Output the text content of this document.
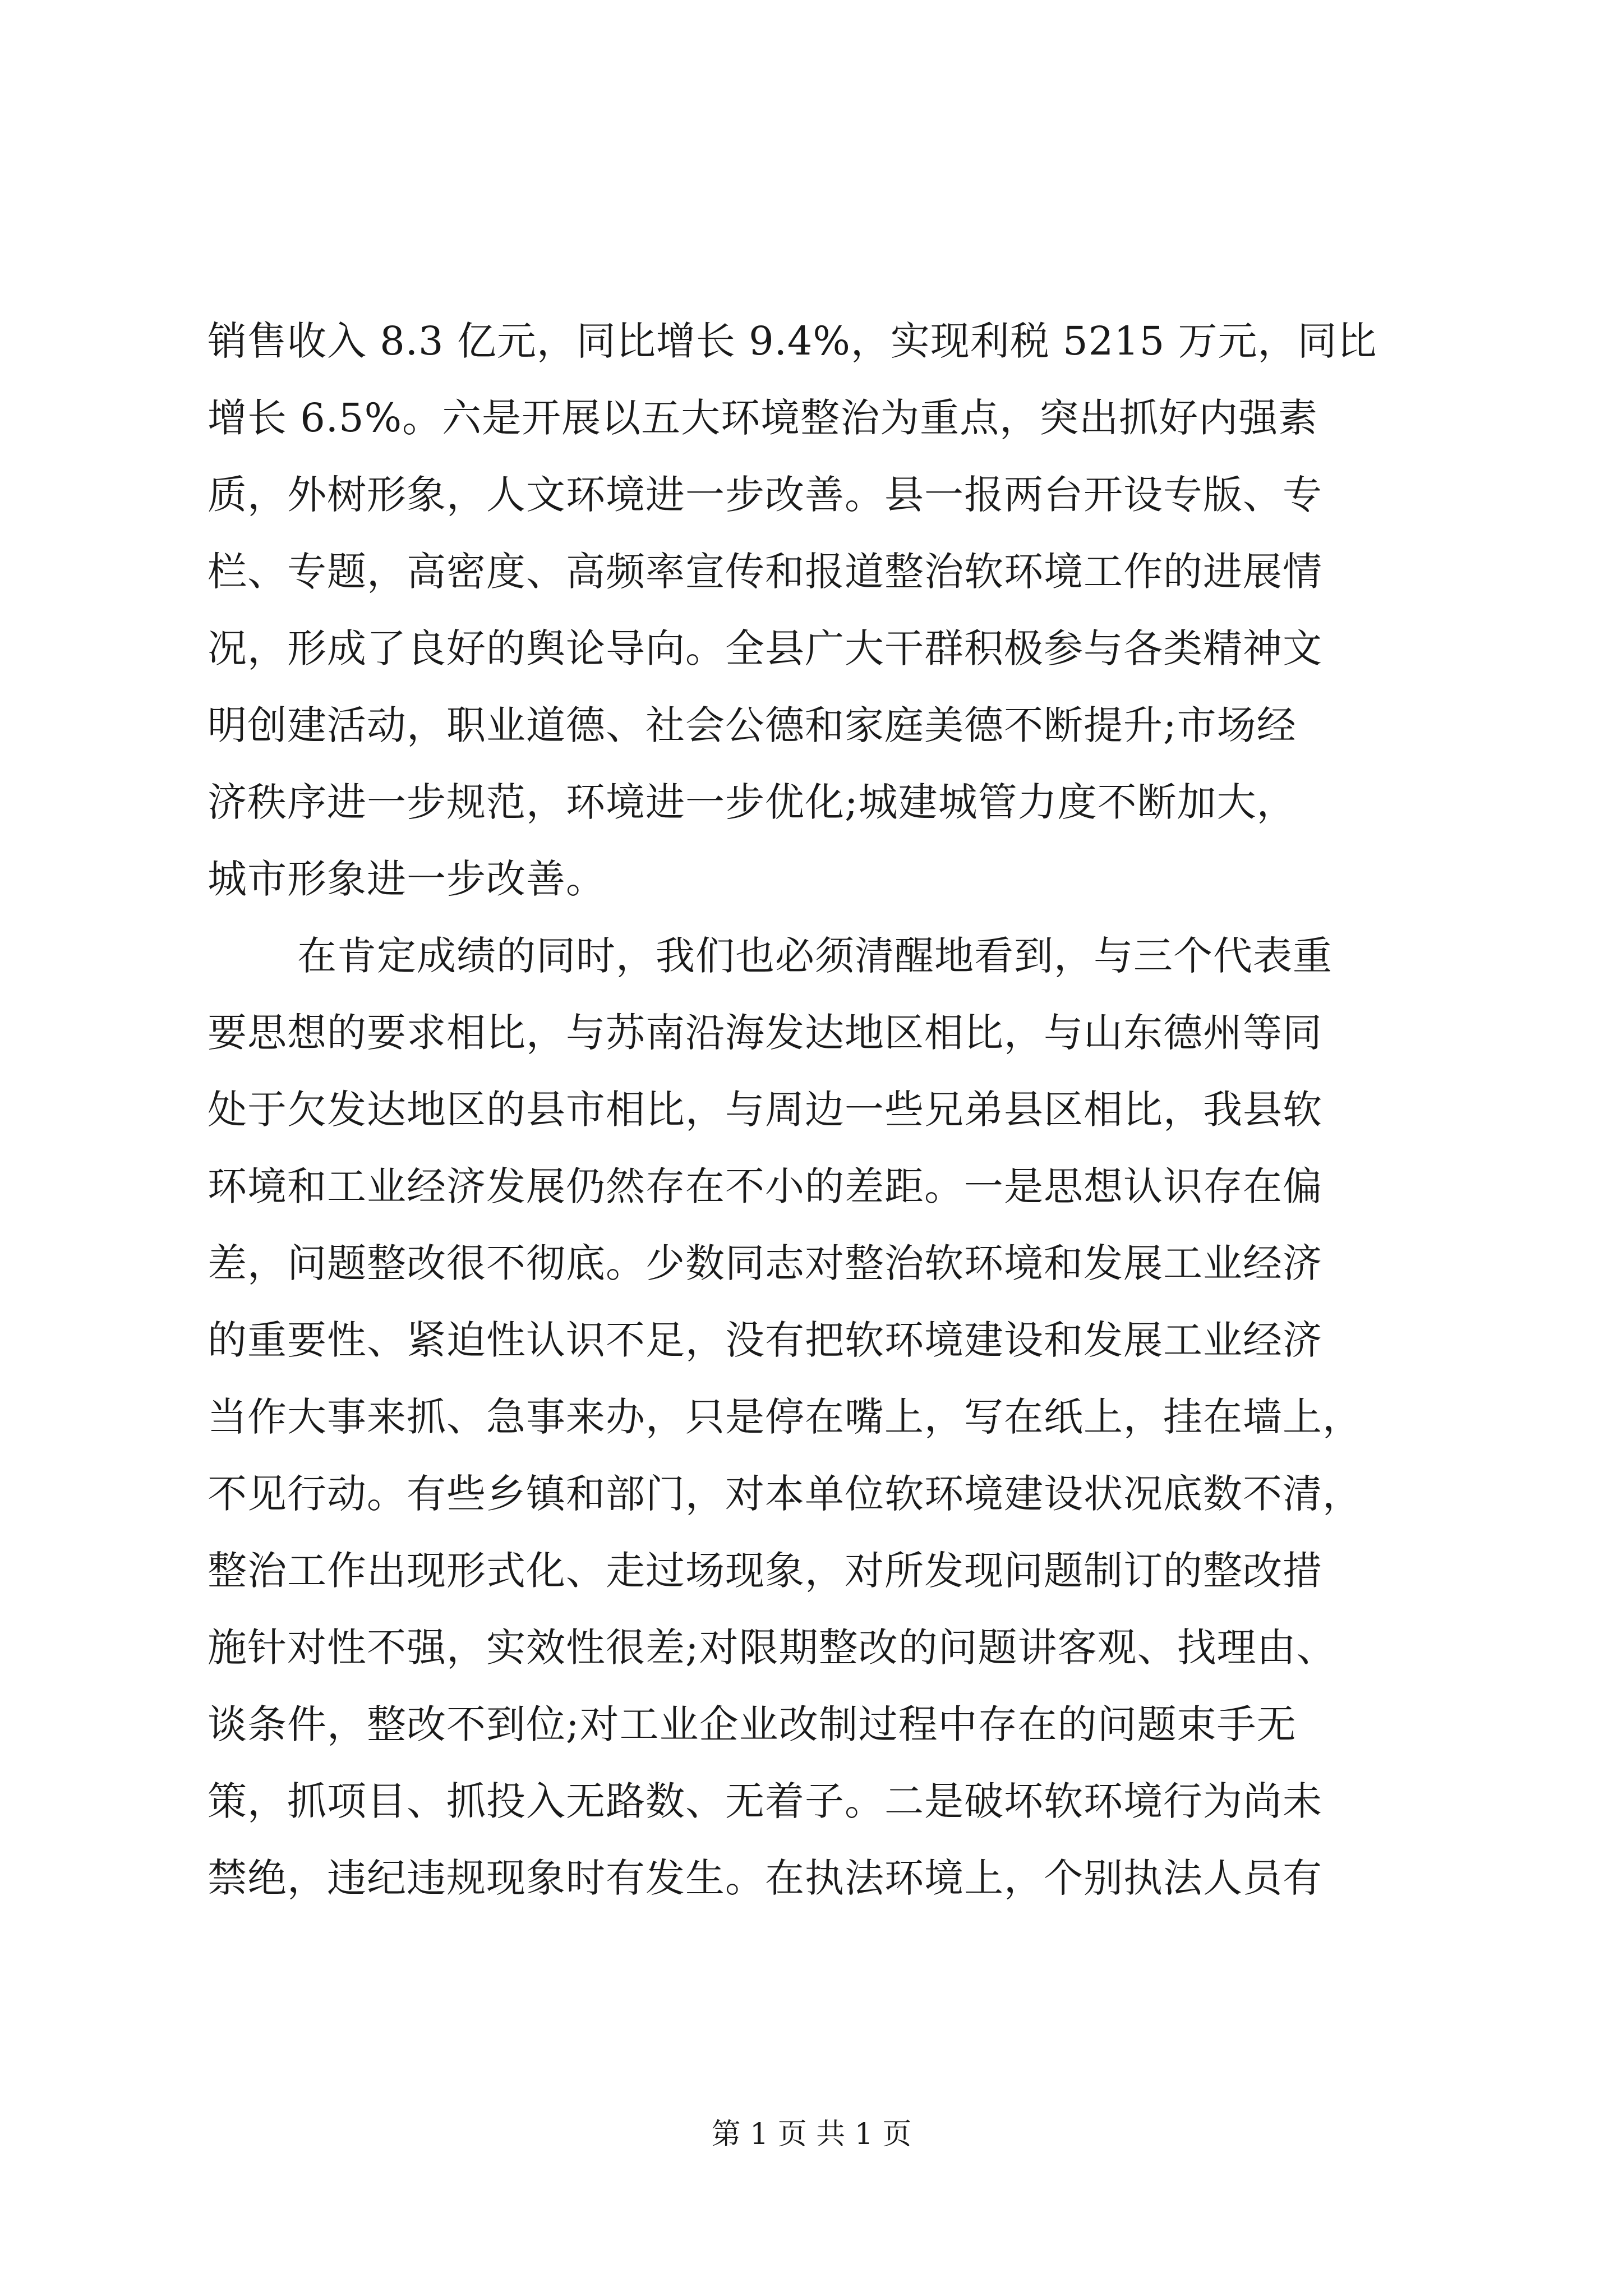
销售收入 8.3 亿元，同比增长 9.4%，实现利税 5215 万元，同比
增长 6.5%。六是开展以五大环境整治为重点，突出抓好内强素
质，外树形象，人文环境进一步改善。县一报两台开设专版、专
栏、专题，高密度、高频率宣传和报道整治软环境工作的进展情
况，形成了良好的舆论导向。全县广大干群积极参与各类精神文
明创建活动，职业道德、社会公德和家庭美德不断提升;市场经
济秩序进一步规范，环境进一步优化;城建城管力度不断加大，
城市形象进一步改善。
在肯定成绩的同时，我们也必须清醒地看到，与三个代表重
要思想的要求相比，与苏南沿海发达地区相比，与山东德州等同
处于欠发达地区的县市相比，与周边一些兄弟县区相比，我县软
环境和工业经济发展仍然存在不小的差距。一是思想认识存在偏
差，问题整改很不彻底。少数同志对整治软环境和发展工业经济
的重要性、紧迫性认识不足，没有把软环境建设和发展工业经济
当作大事来抓、急事来办，只是停在嘴上，写在纸上，挂在墙上，
不见行动。有些乡镇和部门，对本单位软环境建设状况底数不清，
整治工作出现形式化、走过场现象，对所发现问题制订的整改措
施针对性不强，实效性很差;对限期整改的问题讲客观、找理由、
谈条件，整改不到位;对工业企业改制过程中存在的问题束手无
策，抓项目、抓投入无路数、无着子。二是破坏软环境行为尚未
禁绝，违纪违规现象时有发生。在执法环境上，个别执法人员有
第 1 页 共 1 页
